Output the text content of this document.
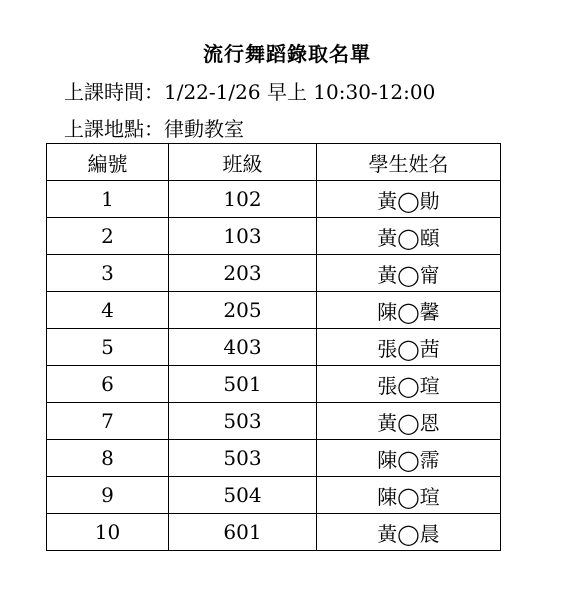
流行舞蹈錄取名單
上課時間：1/22-1/26 早上 10:30-12:00
上課地點：律動教室
編號	班級	學生姓名
1	102	黃◯勛
2	103	黃◯頤
3	203	黃◯甯
4	205	陳◯馨
5	403	張◯茜
6	501	張◯瑄
7	503	黃◯恩
8	503	陳◯霈
9	504	陳◯瑄
10	601	黃◯晨
